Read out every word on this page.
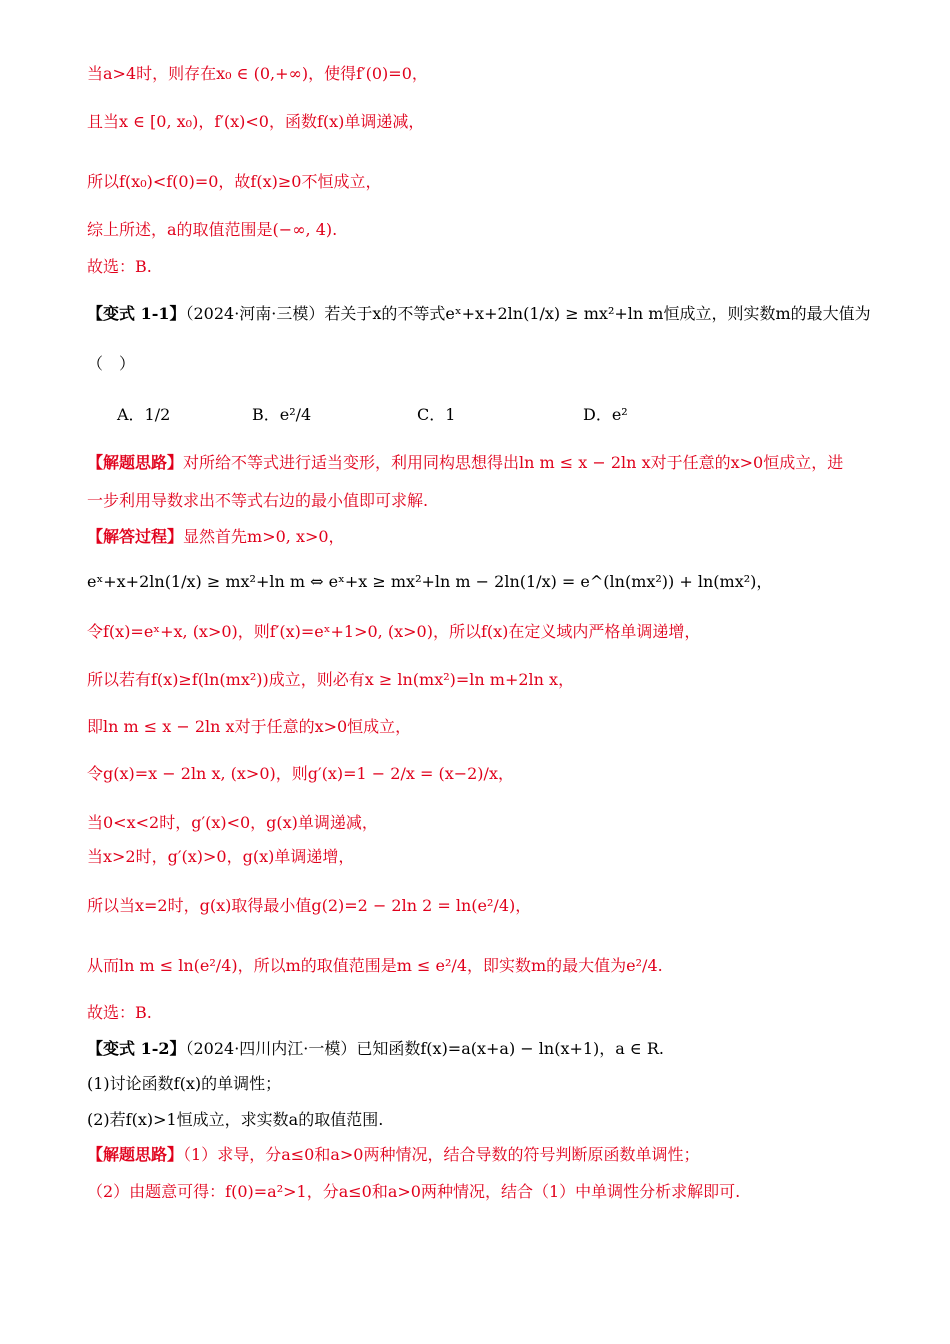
当a>4时，则存在x₀ ∈ (0,+∞)，使得f′(0)=0，
且当x ∈ [0, x₀)，f′(x)<0，函数f(x)单调递减，
所以f(x₀)<f(0)=0，故f(x)≥0不恒成立，
综上所述，a的取值范围是(−∞, 4).
故选：B.
【变式 1-1】（2024·河南·三模）若关于x的不等式eˣ+x+2ln(1/x) ≥ mx²+ln m恒成立，则实数m的最大值为
（　）
A．1/2	B．e²/4	C．1	D．e²
【解题思路】对所给不等式进行适当变形，利用同构思想得出ln m ≤ x − 2ln x对于任意的x>0恒成立，进
一步利用导数求出不等式右边的最小值即可求解.
【解答过程】显然首先m>0, x>0，
eˣ+x+2ln(1/x) ≥ mx²+ln m ⇔ eˣ+x ≥ mx²+ln m − 2ln(1/x) = e^(ln(mx²)) + ln(mx²)，
令f(x)=eˣ+x, (x>0)，则f′(x)=eˣ+1>0, (x>0)，所以f(x)在定义域内严格单调递增，
所以若有f(x)≥f(ln(mx²))成立，则必有x ≥ ln(mx²)=ln m+2ln x，
即ln m ≤ x − 2ln x对于任意的x>0恒成立，
令g(x)=x − 2ln x, (x>0)，则g′(x)=1 − 2/x = (x−2)/x，
当0<x<2时，g′(x)<0，g(x)单调递减，
当x>2时，g′(x)>0，g(x)单调递增，
所以当x=2时，g(x)取得最小值g(2)=2 − 2ln 2 = ln(e²/4)，
从而ln m ≤ ln(e²/4)，所以m的取值范围是m ≤ e²/4，即实数m的最大值为e²/4.
故选：B.
【变式 1-2】（2024·四川内江·一模）已知函数f(x)=a(x+a) − ln(x+1)，a ∈ R.
(1)讨论函数f(x)的单调性；
(2)若f(x)>1恒成立，求实数a的取值范围.
【解题思路】（1）求导，分a≤0和a>0两种情况，结合导数的符号判断原函数单调性；
（2）由题意可得：f(0)=a²>1，分a≤0和a>0两种情况，结合（1）中单调性分析求解即可.
